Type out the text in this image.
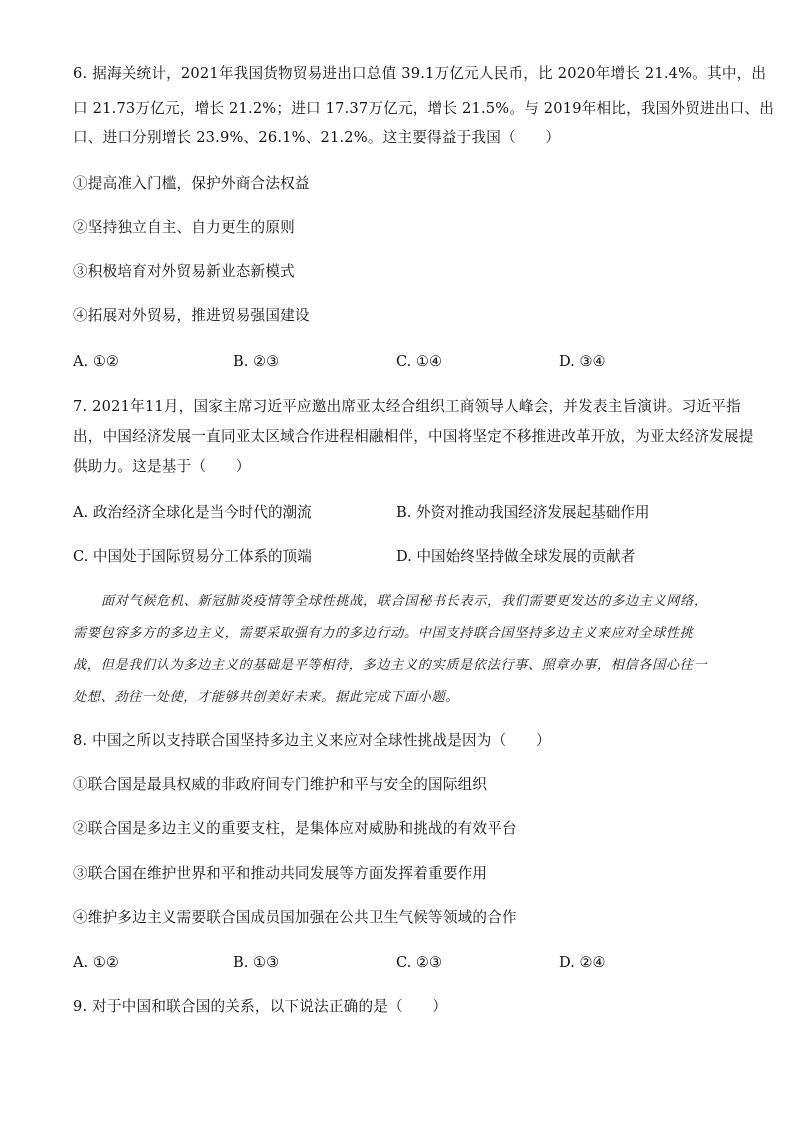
6. 据海关统计，2021年我国货物贸易进出口总值 39.1万亿元人民币，比 2020年增长 21.4%。其中，出
口 21.73万亿元，增长 21.2%；进口 17.37万亿元，增长 21.5%。与 2019年相比，我国外贸进出口、出
口、进口分别增长 23.9%、26.1%、21.2%。这主要得益于我国（　　）
①提高准入门槛，保护外商合法权益
②坚持独立自主、自力更生的原则
③积极培育对外贸易新业态新模式
④拓展对外贸易，推进贸易强国建设
A. ①②	B. ②③	C. ①④	D. ③④
7. 2021年11月，国家主席习近平应邀出席亚太经合组织工商领导人峰会，并发表主旨演讲。习近平指
出，中国经济发展一直同亚太区域合作进程相融相伴，中国将坚定不移推进改革开放，为亚太经济发展提
供助力。这是基于（　　）
A. 政治经济全球化是当今时代的潮流	B. 外资对推动我国经济发展起基础作用
C. 中国处于国际贸易分工体系的顶端	D. 中国始终坚持做全球发展的贡献者
面对气候危机、新冠肺炎疫情等全球性挑战，联合国秘书长表示，我们需要更发达的多边主义网络，
需要包容多方的多边主义，需要采取强有力的多边行动。中国支持联合国坚持多边主义来应对全球性挑
战，但是我们认为多边主义的基础是平等相待，多边主义的实质是依法行事、照章办事，相信各国心往一
处想、劲往一处使，才能够共创美好未来。据此完成下面小题。
8. 中国之所以支持联合国坚持多边主义来应对全球性挑战是因为（　　）
①联合国是最具权威的非政府间专门维护和平与安全的国际组织
②联合国是多边主义的重要支柱，是集体应对威胁和挑战的有效平台
③联合国在维护世界和平和推动共同发展等方面发挥着重要作用
④维护多边主义需要联合国成员国加强在公共卫生气候等领域的合作
A. ①②	B. ①③	C. ②③	D. ②④
9. 对于中国和联合国的关系，以下说法正确的是（　　）
